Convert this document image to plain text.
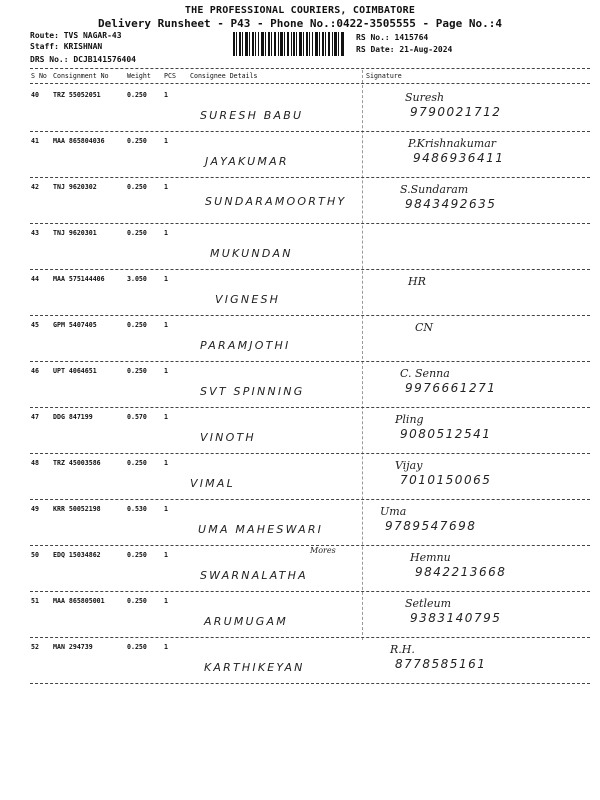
THE PROFESSIONAL COURIERS, COIMBATORE
Delivery Runsheet - P43 - Phone No.:0422-3505555 - Page No.:4
Route: TVS NAGAR-43
Staff: KRISHNAN
DRS No.: DCJB141576404
RS No.: 1415764
RS Date: 21-Aug-2024
S No Consignment No	Weight PCS Consignee Details	Signature
40 TRZ 55052051	0.250	1
SURESH BABU
Suresh
9790021712
41 MAA 865804036	0.250	1
JAYAKUMAR
P.Krishnakumar
9486936411
42 TNJ 9620302	0.250	1
SUNDARAMOORTHY
S.Sundaram
9843492635
43 TNJ 9620301	0.250	1
MUKUNDAN
44 MAA 575144406	3.050	1
VIGNESH
HR
45 GPM 5407405	0.250	1
PARAMJOTHI
CN
46 UPT 4064651	0.250	1
SVT SPINNING
C. Senna
9976661271
47 DDG 847199	0.570	1
VINOTH
Pling
9080512541
48 TRZ 45003586	0.250	1
VIMAL
Vijay
7010150065
49 KRR 50052198	0.530	1
UMA MAHESWARI
Uma
9789547698
50 EDQ 15034862	0.250	1
SWARNALATHA
Hemnu
9842213668
51 MAA 865805001	0.250	1
ARUMUGAM
Setleum
9383140795
52 MAN 294739	0.250	1
KARTHIKEYAN
R.H.
8778585161
Mores
